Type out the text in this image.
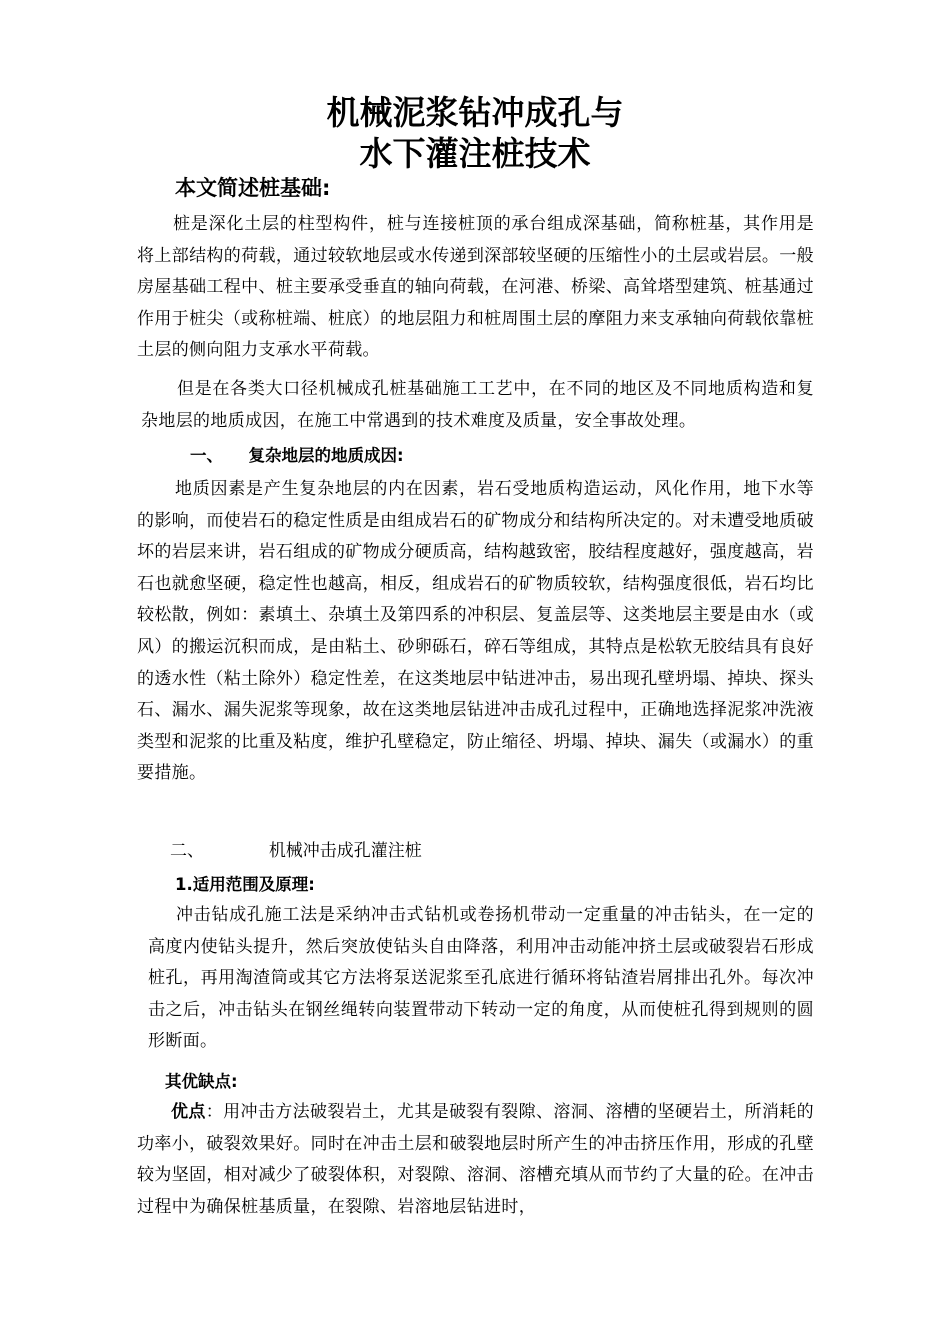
机械泥浆钻冲成孔与
水下灌注桩技术
本文简述桩基础:

桩是深化土层的柱型构件，桩与连接桩顶的承台组成深基础，简称桩基，其作用是将上部结构的荷载，通过较软地层或水传递到深部较坚硬的压缩性小的土层或岩层。一般房屋基础工程中、桩主要承受垂直的轴向荷载，在河港、桥梁、高耸塔型建筑、桩基通过作用于桩尖（或称桩端、桩底）的地层阻力和桩周围土层的摩阻力来支承轴向荷载依靠桩土层的侧向阻力支承水平荷载。

但是在各类大口径机械成孔桩基础施工工艺中，在不同的地区及不同地质构造和复杂地层的地质成因，在施工中常遇到的技术难度及质量，安全事故处理。

一、 复杂地层的地质成因:

地质因素是产生复杂地层的内在因素，岩石受地质构造运动，风化作用，地下水等的影响，而使岩石的稳定性质是由组成岩石的矿物成分和结构所决定的。对未遭受地质破坏的岩层来讲，岩石组成的矿物成分硬质高，结构越致密，胶结程度越好，强度越高，岩石也就愈坚硬，稳定性也越高，相反，组成岩石的矿物质较软，结构强度很低，岩石均比较松散，例如：素填土、杂填土及第四系的冲积层、复盖层等、这类地层主要是由水（或风）的搬运沉积而成，是由粘土、砂卵砾石，碎石等组成，其特点是松软无胶结具有良好的透水性（粘土除外）稳定性差，在这类地层中钻进冲击，易出现孔壁坍塌、掉块、探头石、漏水、漏失泥浆等现象，故在这类地层钻进冲击成孔过程中，正确地选择泥浆冲洗液类型和泥浆的比重及粘度，维护孔壁稳定，防止缩径、坍塌、掉块、漏失（或漏水）的重要措施。

二、	机械冲击成孔灌注桩
1.适用范围及原理:

冲击钻成孔施工法是采纳冲击式钻机或卷扬机带动一定重量的冲击钻头，在一定的高度内使钻头提升，然后突放使钻头自由降落，利用冲击动能冲挤土层或破裂岩石形成桩孔，再用淘渣筒或其它方法将泵送泥浆至孔底进行循环将钻渣岩屑排出孔外。每次冲击之后，冲击钻头在钢丝绳转向装置带动下转动一定的角度，从而使桩孔得到规则的圆形断面。

其优缺点:

优点：用冲击方法破裂岩土，尤其是破裂有裂隙、溶洞、溶槽的坚硬岩土，所消耗的功率小，破裂效果好。同时在冲击土层和破裂地层时所产生的冲击挤压作用，形成的孔壁较为坚固，相对减少了破裂体积，对裂隙、溶洞、溶槽充填从而节约了大量的砼。在冲击过程中为确保桩基质量，在裂隙、岩溶地层钻进时，
